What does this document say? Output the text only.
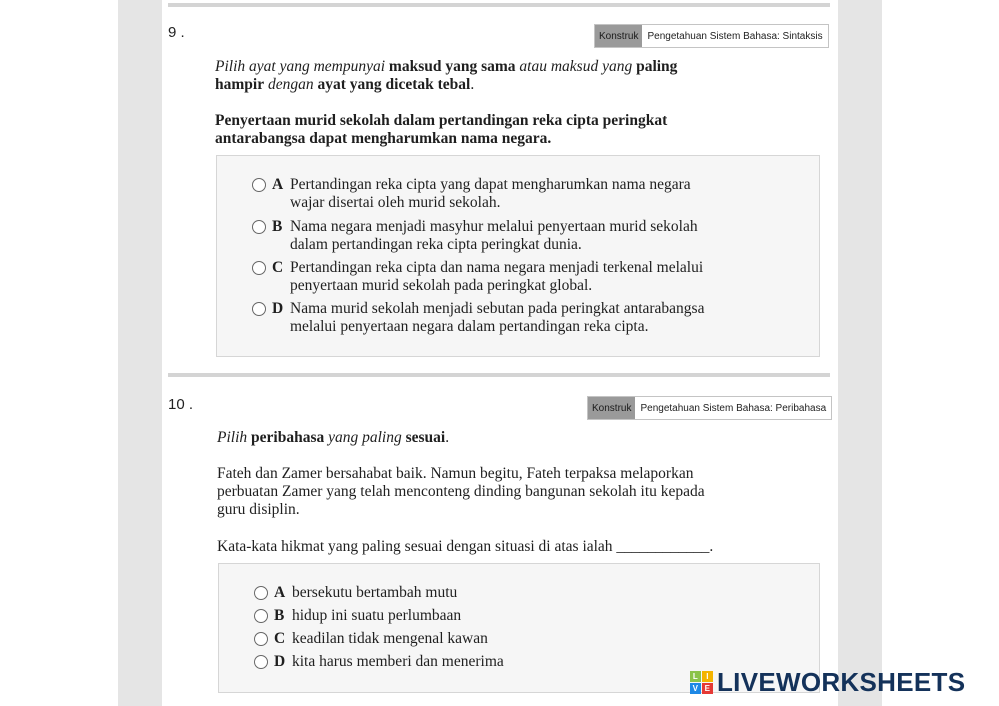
9 .	Konstruk Pengetahuan Sistem Bahasa: Sintaksis

Pilih ayat yang mempunyai maksud yang sama atau maksud yang paling
hampir dengan ayat yang dicetak tebal.

Penyertaan murid sekolah dalam pertandingan reka cipta peringkat
antarabangsa dapat mengharumkan nama negara.

A Pertandingan reka cipta yang dapat mengharumkan nama negara
wajar disertai oleh murid sekolah.
B Nama negara menjadi masyhur melalui penyertaan murid sekolah
dalam pertandingan reka cipta peringkat dunia.
C Pertandingan reka cipta dan nama negara menjadi terkenal melalui
penyertaan murid sekolah pada peringkat global.
D Nama murid sekolah menjadi sebutan pada peringkat antarabangsa
melalui penyertaan negara dalam pertandingan reka cipta.
10 .	Konstruk Pengetahuan Sistem Bahasa: Peribahasa

Pilih peribahasa yang paling sesuai.

Fateh dan Zamer bersahabat baik. Namun begitu, Fateh terpaksa melaporkan
perbuatan Zamer yang telah menconteng dinding bangunan sekolah itu kepada
guru disiplin.

Kata-kata hikmat yang paling sesuai dengan situasi di atas ialah ____________.

A bersekutu bertambah mutu
B hidup ini suatu perlumbaan
C keadilan tidak mengenal kawan
D kita harus memberi dan menerima
L	I
V E LIVEWORKSHEETS
